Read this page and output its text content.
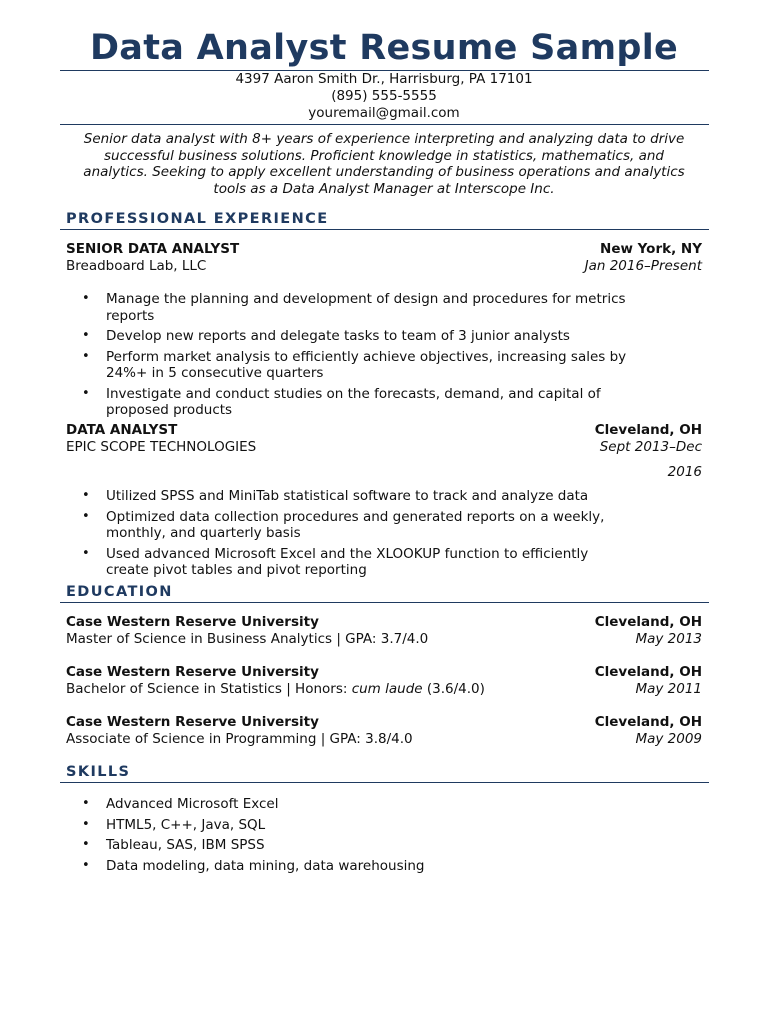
Data Analyst Resume Sample
4397 Aaron Smith Dr., Harrisburg, PA 17101
(895) 555-5555
youremail@gmail.com
Senior data analyst with 8+ years of experience interpreting and analyzing data to drive
successful business solutions. Proficient knowledge in statistics, mathematics, and
analytics. Seeking to apply excellent understanding of business operations and analytics
tools as a Data Analyst Manager at Interscope Inc.
PROFESSIONAL EXPERIENCE
SENIOR DATA ANALYST	New York, NY
Breadboard Lab, LLC	Jan 2016–Present
• Manage the planning and development of design and procedures for metrics
reports
• Develop new reports and delegate tasks to team of 3 junior analysts
• Perform market analysis to efficiently achieve objectives, increasing sales by
24%+ in 5 consecutive quarters
• Investigate and conduct studies on the forecasts, demand, and capital of
proposed products
DATA ANALYST	Cleveland, OH
EPIC SCOPE TECHNOLOGIES	Sept 2013–Dec
2016
• Utilized SPSS and MiniTab statistical software to track and analyze data
• Optimized data collection procedures and generated reports on a weekly,
monthly, and quarterly basis
• Used advanced Microsoft Excel and the XLOOKUP function to efficiently
create pivot tables and pivot reporting
EDUCATION
Case Western Reserve University	Cleveland, OH
Master of Science in Business Analytics | GPA: 3.7/4.0	May 2013
Case Western Reserve University	Cleveland, OH
Bachelor of Science in Statistics | Honors: cum laude (3.6/4.0)	May 2011
Case Western Reserve University	Cleveland, OH
Associate of Science in Programming | GPA: 3.8/4.0	May 2009
SKILLS
• Advanced Microsoft Excel
• HTML5, C++, Java, SQL
• Tableau, SAS, IBM SPSS
• Data modeling, data mining, data warehousing
